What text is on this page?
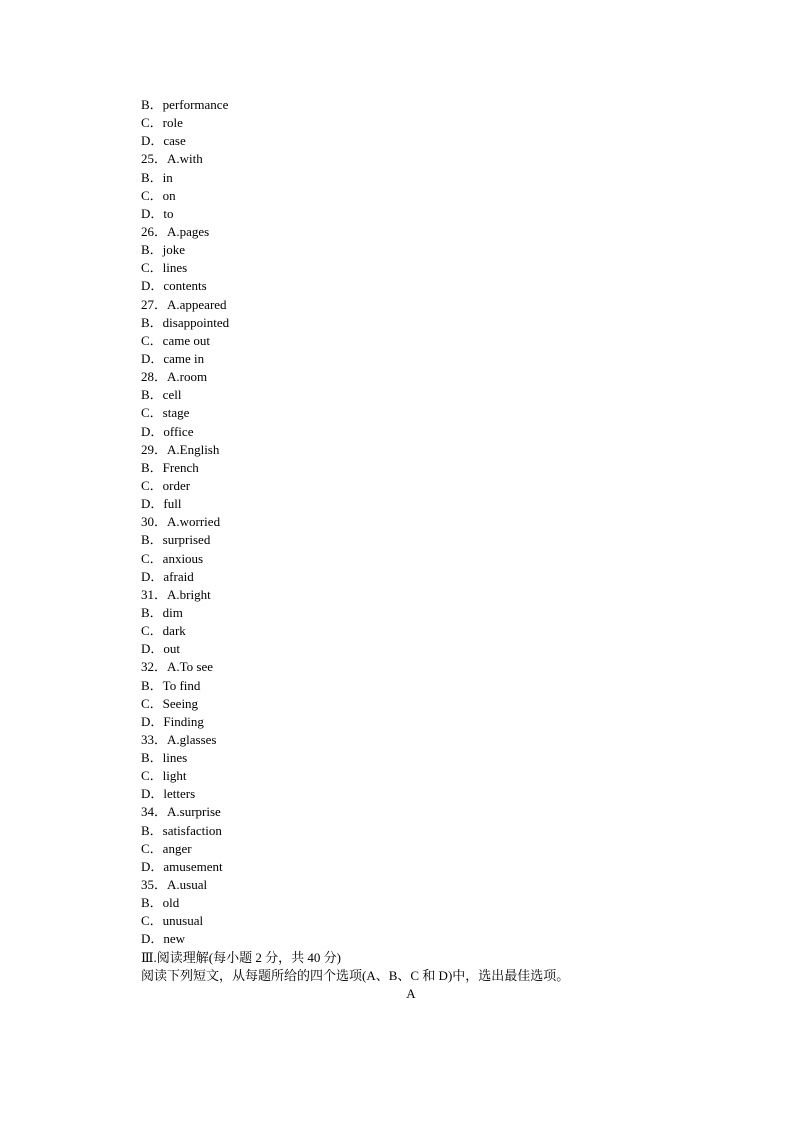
B．performance
C．role
D．case
25．A.with
B．in
C．on
D．to
26．A.pages
B．joke
C．lines
D．contents
27．A.appeared
B．disappointed
C．came out
D．came in
28．A.room
B．cell
C．stage
D．office
29．A.English
B．French
C．order
D．full
30．A.worried
B．surprised
C．anxious
D．afraid
31．A.bright
B．dim
C．dark
D．out
32．A.To see
B．To find
C．Seeing
D．Finding
33．A.glasses
B．lines
C．light
D．letters
34．A.surprise
B．satisfaction
C．anger
D．amusement
35．A.usual
B．old
C．unusual
D．new
Ⅲ.阅读理解(每小题 2 分，共 40 分)
阅读下列短文，从每题所给的四个选项(A、B、C 和 D)中，选出最佳选项。
A
